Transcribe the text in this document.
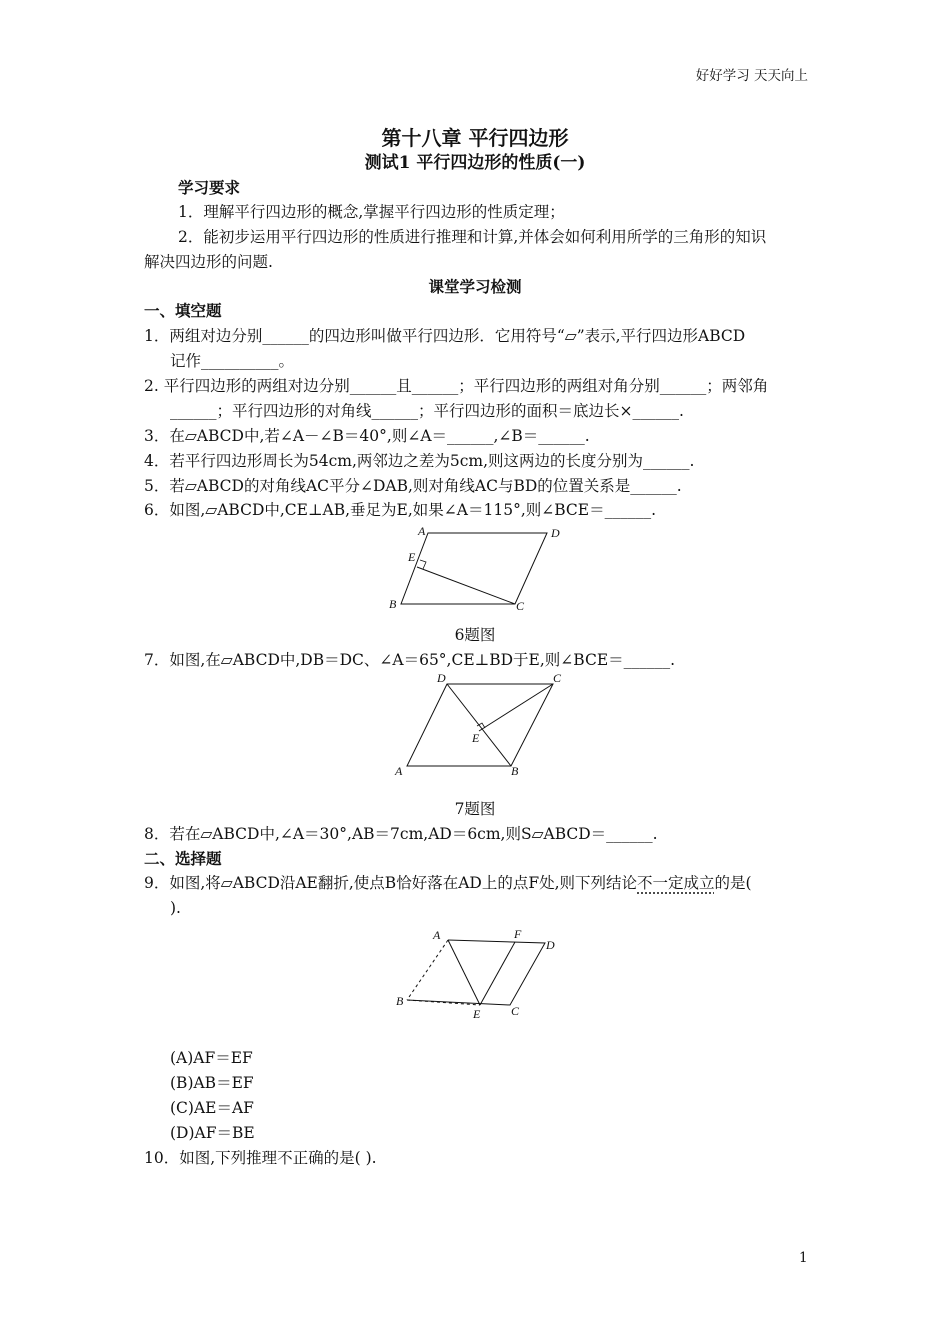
好好学习 天天向上
第十八章 平行四边形
测试1 平行四边形的性质(一)
学习要求
1．理解平行四边形的概念,掌握平行四边形的性质定理；
2．能初步运用平行四边形的性质进行推理和计算,并体会如何利用所学的三角形的知识
解决四边形的问题.
课堂学习检测
一、填空题
1．两组对边分别______的四边形叫做平行四边形．它用符号“▱”表示,平行四边形ABCD
记作__________。
2. 平行四边形的两组对边分别______且______；平行四边形的两组对角分别______；两邻角
______；平行四边形的对角线______；平行四边形的面积＝底边长×______.
3．在▱ABCD中,若∠A－∠B＝40°,则∠A＝______,∠B＝______.
4．若平行四边形周长为54cm,两邻边之差为5cm,则这两边的长度分别为______.
5．若▱ABCD的对角线AC平分∠DAB,则对角线AC与BD的位置关系是______.
6．如图,▱ABCD中,CE⊥AB,垂足为E,如果∠A＝115°,则∠BCE＝______.
A	D
E
B	C
6题图
7．如图,在▱ABCD中,DB＝DC、∠A＝65°,CE⊥BD于E,则∠BCE＝______.
D	C
E
A	B
7题图
8．若在▱ABCD中,∠A＝30°,AB＝7cm,AD＝6cm,则S▱ABCD＝______.
二、选择题
9．如图,将▱ABCD沿AE翻折,使点B恰好落在AD上的点F处,则下列结论不一定成立的是(
).
A	F
D
B
E	C
(A)AF＝EF
(B)AB＝EF
(C)AE＝AF
(D)AF＝BE
10．如图,下列推理不正确的是( ).
1
